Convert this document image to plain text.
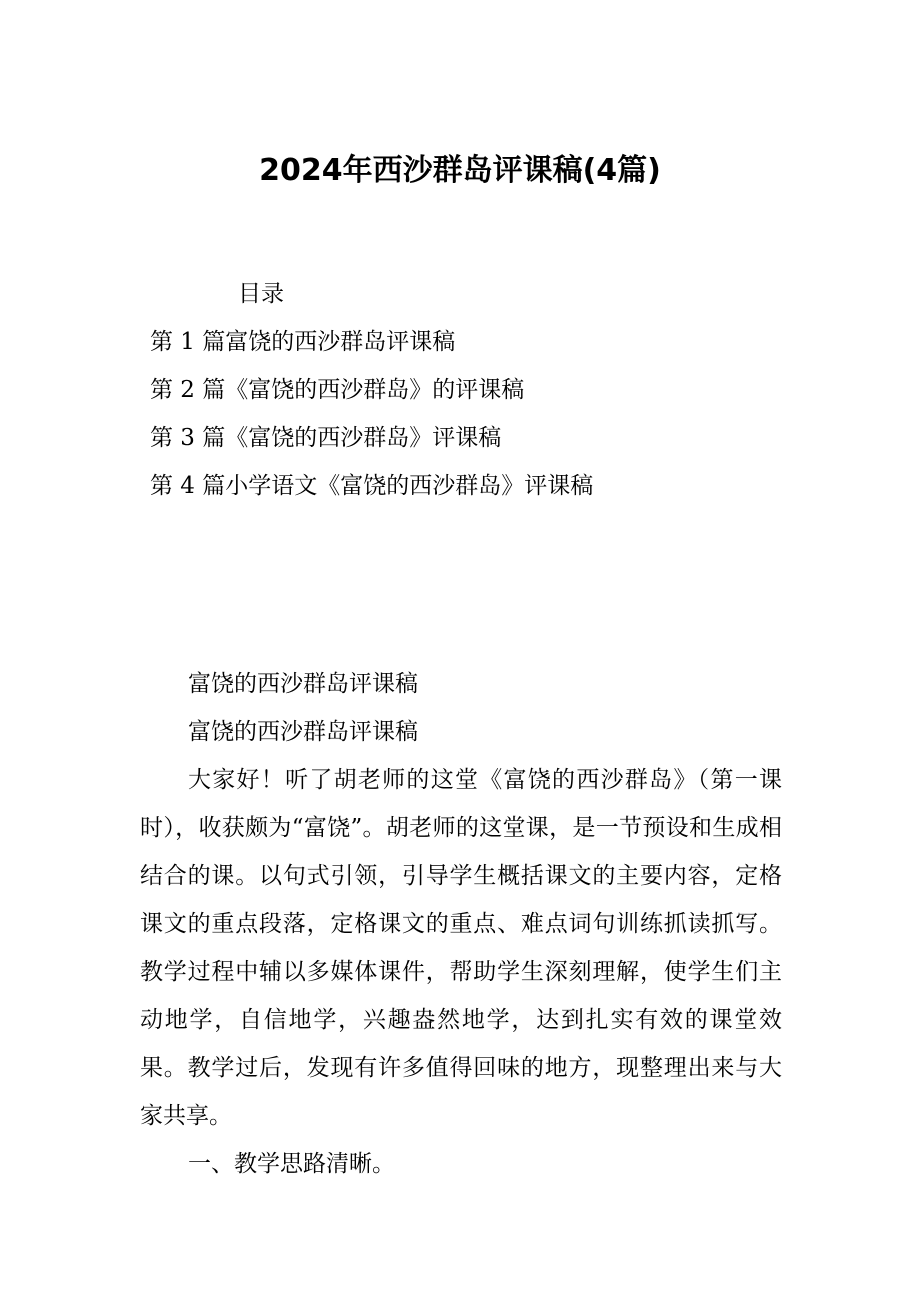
2024年西沙群岛评课稿(4篇)
目录
第 1 篇富饶的西沙群岛评课稿
第 2 篇《富饶的西沙群岛》的评课稿
第 3 篇《富饶的西沙群岛》评课稿
第 4 篇小学语文《富饶的西沙群岛》评课稿
富饶的西沙群岛评课稿
富饶的西沙群岛评课稿

大家好！听了胡老师的这堂《富饶的西沙群岛》（第一课时），收获颇为“富饶”。胡老师的这堂课，是一节预设和生成相结合的课。以句式引领，引导学生概括课文的主要内容，定格课文的重点段落，定格课文的重点、难点词句训练抓读抓写。教学过程中辅以多媒体课件，帮助学生深刻理解，使学生们主动地学，自信地学，兴趣盎然地学，达到扎实有效的课堂效果。教学过后，发现有许多值得回味的地方，现整理出来与大家共享。

一、教学思路清晰。
